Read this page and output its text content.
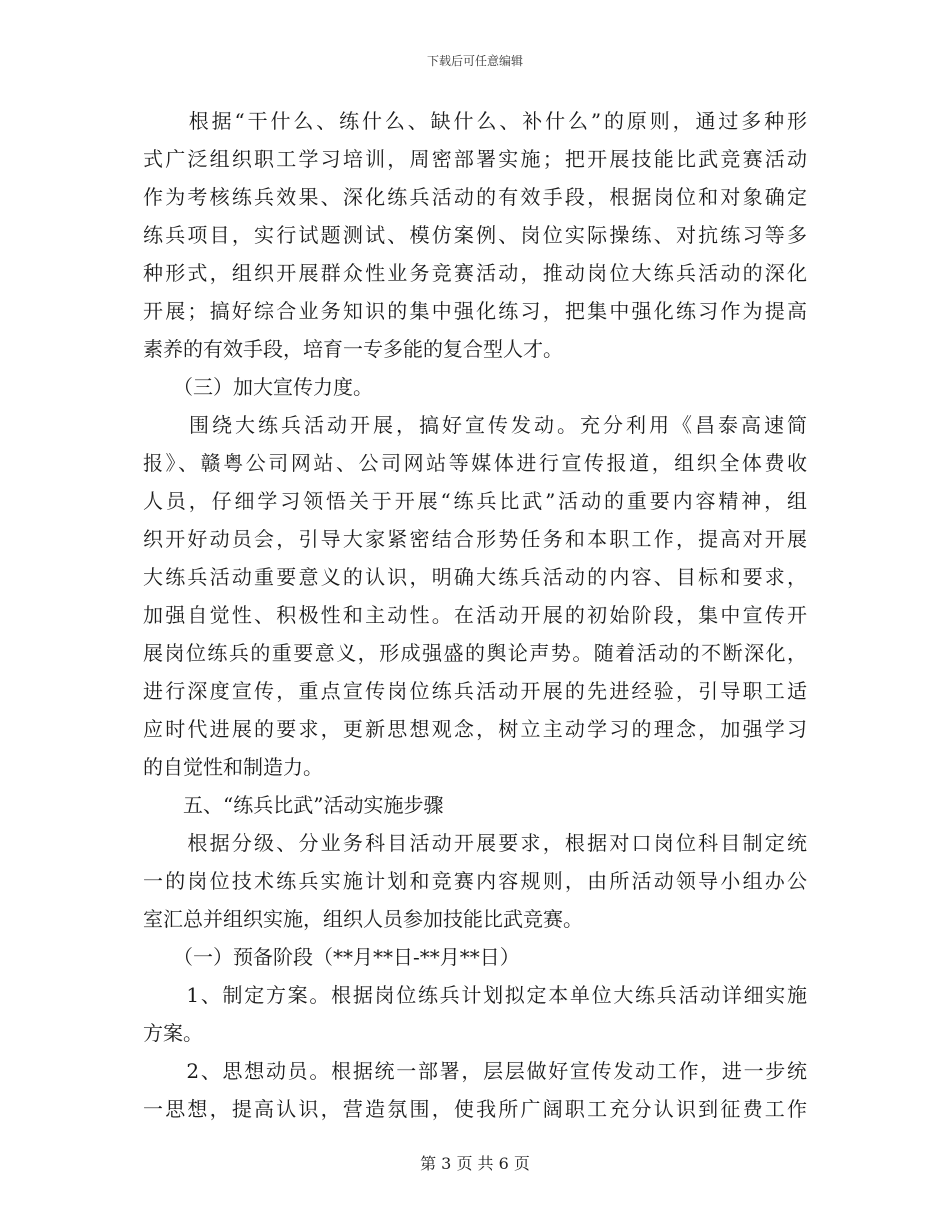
下载后可任意编辑
　　根据“干什么、练什么、缺什么、补什么”的原则，通过多种形
式广泛组织职工学习培训，周密部署实施；把开展技能比武竞赛活动
作为考核练兵效果、深化练兵活动的有效手段，根据岗位和对象确定
练兵项目，实行试题测试、模仿案例、岗位实际操练、对抗练习等多
种形式，组织开展群众性业务竞赛活动，推动岗位大练兵活动的深化
开展；搞好综合业务知识的集中强化练习，把集中强化练习作为提高
素养的有效手段，培育一专多能的复合型人才。
　　（三）加大宣传力度。
　　围绕大练兵活动开展，搞好宣传发动。充分利用《昌泰高速简
报》、赣粤公司网站、公司网站等媒体进行宣传报道，组织全体费收
人员，仔细学习领悟关于开展“练兵比武”活动的重要内容精神，组
织开好动员会，引导大家紧密结合形势任务和本职工作，提高对开展
大练兵活动重要意义的认识，明确大练兵活动的内容、目标和要求，
加强自觉性、积极性和主动性。在活动开展的初始阶段，集中宣传开
展岗位练兵的重要意义，形成强盛的舆论声势。随着活动的不断深化，
进行深度宣传，重点宣传岗位练兵活动开展的先进经验，引导职工适
应时代进展的要求，更新思想观念，树立主动学习的理念，加强学习
的自觉性和制造力。
　　五、“练兵比武”活动实施步骤
　　根据分级、分业务科目活动开展要求，根据对口岗位科目制定统
一的岗位技术练兵实施计划和竞赛内容规则，由所活动领导小组办公
室汇总并组织实施，组织人员参加技能比武竞赛。
　　（一）预备阶段（**月**日-**月**日）
　　1、制定方案。根据岗位练兵计划拟定本单位大练兵活动详细实施
方案。
　　2、思想动员。根据统一部署，层层做好宣传发动工作，进一步统
一思想，提高认识，营造氛围，使我所广阔职工充分认识到征费工作
第 3 页 共 6 页
